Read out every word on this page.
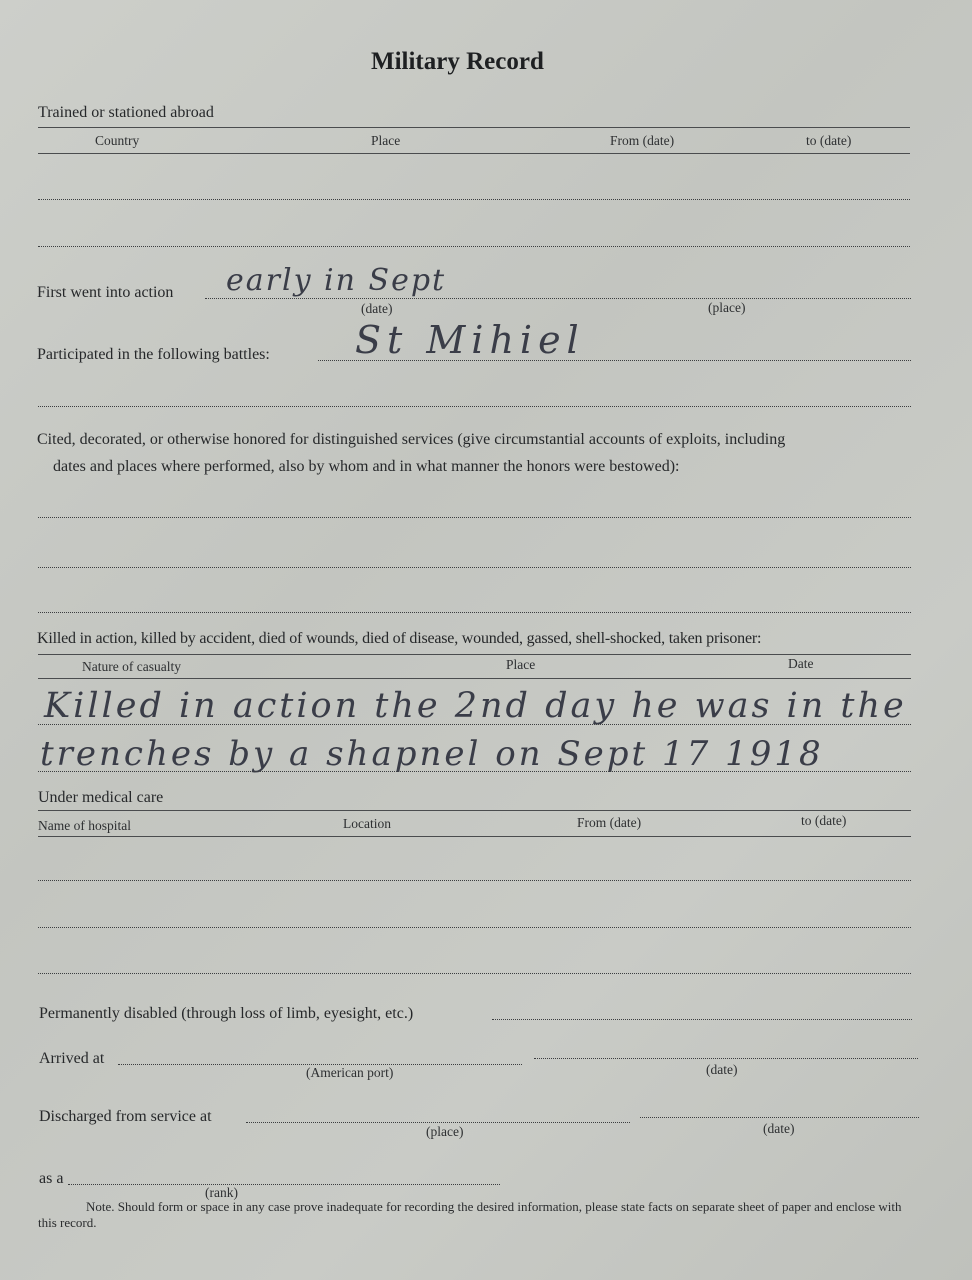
Military Record
Trained or stationed abroad
Country	Place	From (date)	to (date)
First went into action early in Sept
(date)	(place)
Participated in the following battles: St Mihiel
Cited, decorated, or otherwise honored for distinguished services (give circumstantial accounts of exploits, including
dates and places where performed, also by whom and in what manner the honors were bestowed):
Killed in action, killed by accident, died of wounds, died of disease, wounded, gassed, shell-shocked, taken prisoner:
Nature of casualty	Place	Date
Killed in action the 2nd day he was in the
trenches by a shapnel on Sept 17 1918
Under medical care
Name of hospital	Location	From (date)	to (date)
Permanently disabled (through loss of limb, eyesight, etc.)
Arrived at
(American port)	(date)
Discharged from service at
(place)	(date)
as a
(rank)
Note. Should form or space in any case prove inadequate for recording the desired information, please state facts on separate sheet of paper and enclose with this record.
